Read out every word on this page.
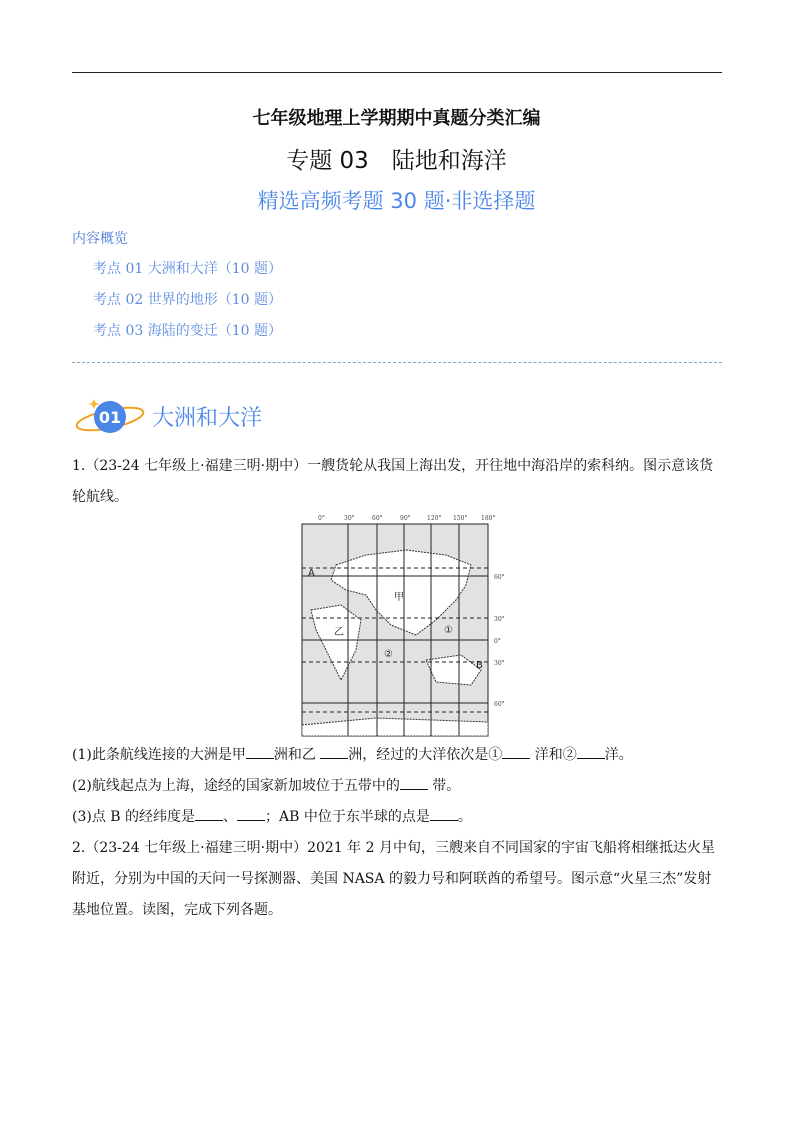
七年级地理上学期期中真题分类汇编
专题 03　陆地和海洋
精选高频考题 30 题·非选择题
内容概览
考点 01 大洲和大洋（10 题）
考点 02 世界的地形（10 题）
考点 03 海陆的变迁（10 题）
01 大洲和大洋
1.（23-24 七年级上·福建三明·期中）一艘货轮从我国上海出发，开往地中海沿岸的索科纳。图示意该货轮航线。
0°	30°	60°	90°	120° 150° 180°
60°
30°
0°
30°
60°
A
B
甲
乙	①
②
(1)此条航线连接的大洲是甲 洲和乙 洲，经过的大洋依次是① 洋和② 洋。
(2)航线起点为上海，途经的国家新加坡位于五带中的 带。
(3)点 B 的经纬度是 、 ；AB 中位于东半球的点是 。
2.（23-24 七年级上·福建三明·期中）2021 年 2 月中旬，三艘来自不同国家的宇宙飞船将相继抵达火星附近，分别为中国的天问一号探测器、美国 NASA 的毅力号和阿联酋的希望号。图示意“火星三杰”发射基地位置。读图，完成下列各题。
